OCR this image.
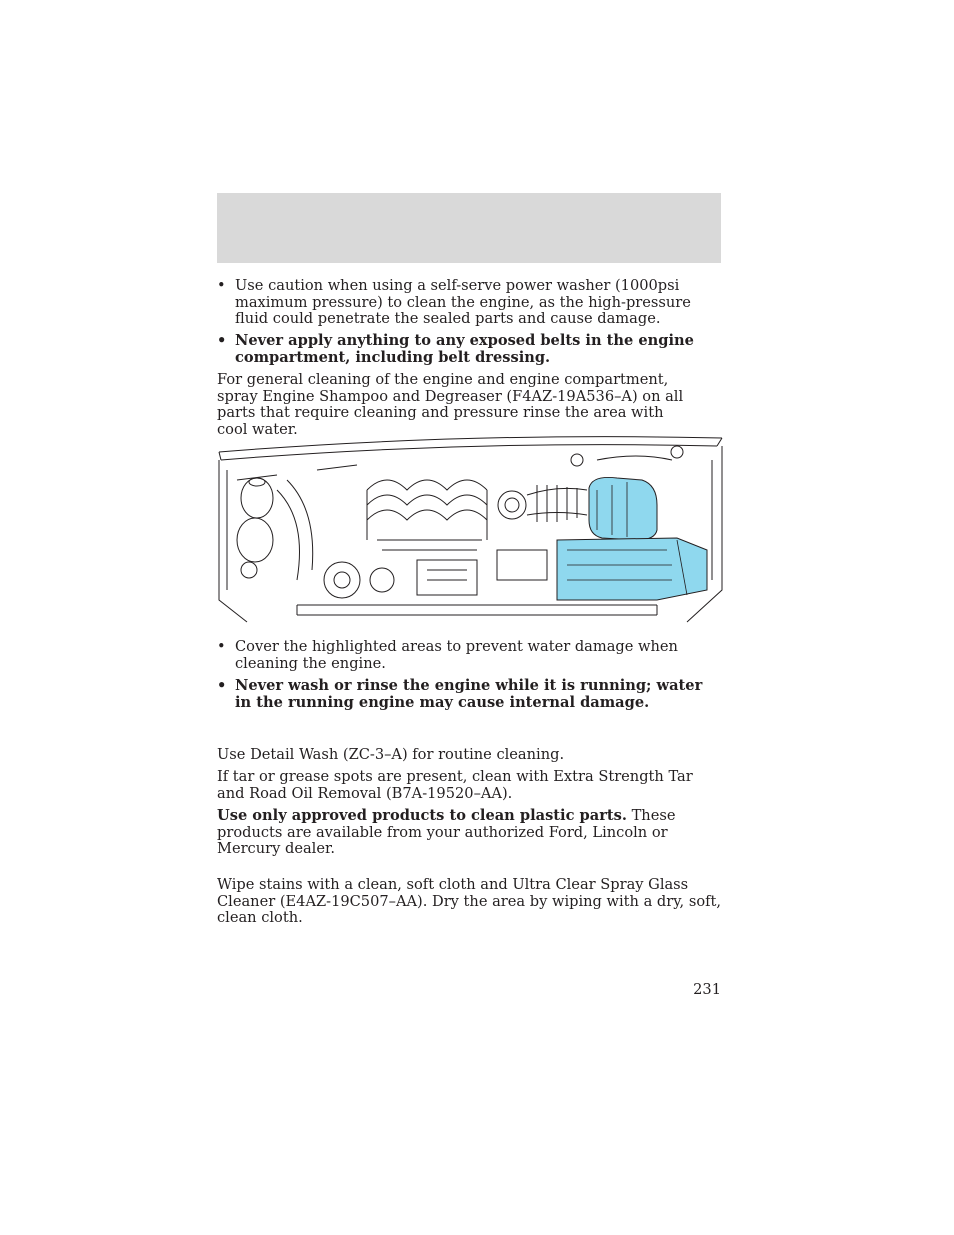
• Use caution when using a self-serve power washer (1000psi maximum pressure) to clean the engine, as the high-pressure fluid could penetrate the sealed parts and cause damage.
• Never apply anything to any exposed belts in the engine compartment, including belt dressing.
For general cleaning of the engine and engine compartment, spray Engine Shampoo and Degreaser (F4AZ-19A536–A) on all parts that require cleaning and pressure rinse the area with cool water.
• Cover the highlighted areas to prevent water damage when cleaning the engine.
• Never wash or rinse the engine while it is running; water in the running engine may cause internal damage.
Use Detail Wash (ZC-3–A) for routine cleaning.
If tar or grease spots are present, clean with Extra Strength Tar and Road Oil Removal (B7A-19520–AA).
Use only approved products to clean plastic parts. These products are available from your authorized Ford, Lincoln or Mercury dealer.
Wipe stains with a clean, soft cloth and Ultra Clear Spray Glass Cleaner (E4AZ-19C507–AA). Dry the area by wiping with a dry, soft, clean cloth.
231
